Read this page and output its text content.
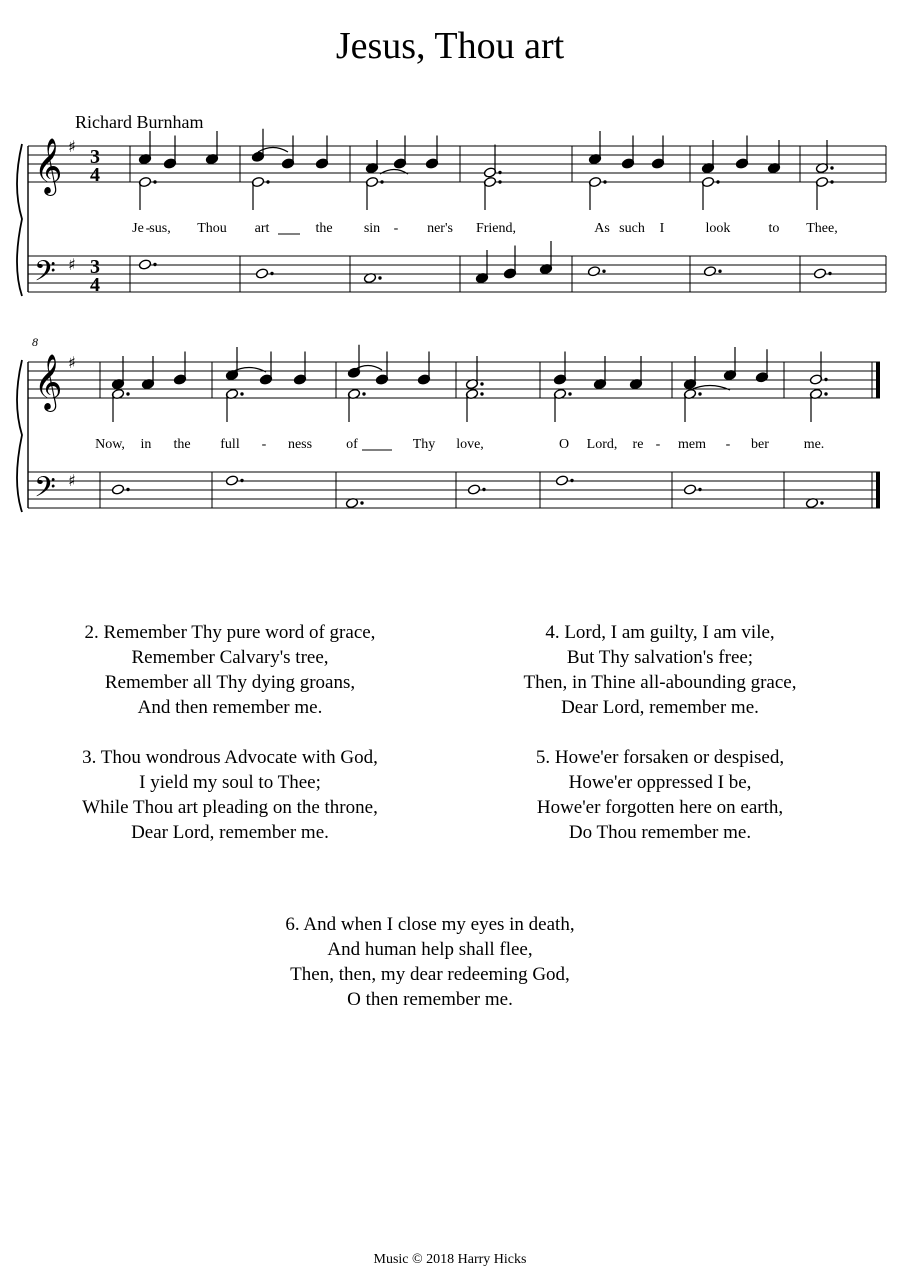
Jesus, Thou art
Richard Burnham
𝄞
𝄢
♯
♯
3
4
3
4
Je -
sus, Thou art	the sin - ner's Friend,	As such I	look	to Thee,
𝄞
𝄢
♯
♯
8
Now, in the full - ness of	Thy love,	O Lord, re - mem - ber me.
2. Remember Thy pure word of grace,
Remember Calvary's tree,
Remember all Thy dying groans,
And then remember me.
3. Thou wondrous Advocate with God,
I yield my soul to Thee;
While Thou art pleading on the throne,
Dear Lord, remember me.
4. Lord, I am guilty, I am vile,
But Thy salvation's free;
Then, in Thine all-abounding grace,
Dear Lord, remember me.
5. Howe'er forsaken or despised,
Howe'er oppressed I be,
Howe'er forgotten here on earth,
Do Thou remember me.
6. And when I close my eyes in death,
And human help shall flee,
Then, then, my dear redeeming God,
O then remember me.
Music © 2018 Harry Hicks
